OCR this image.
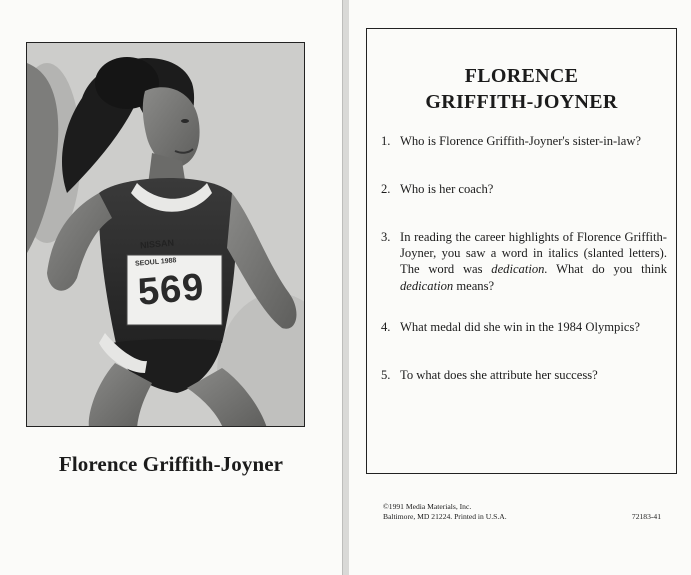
NISSAN
SEOUL 1988
569
Florence Griffith-Joyner
FLORENCE
GRIFFITH-JOYNER
1. Who is Florence Griffith-Joyner's sister-in-law?
2. Who is her coach?
3. In reading the career highlights of Florence Griffith-Joyner, you saw a word in italics (slanted letters). The word was dedication. What do you think dedication means?
4. What medal did she win in the 1984 Olympics?
5. To what does she attribute her success?
©1991 Media Materials, Inc.
Baltimore, MD 21224. Printed in U.S.A.	72183-41
